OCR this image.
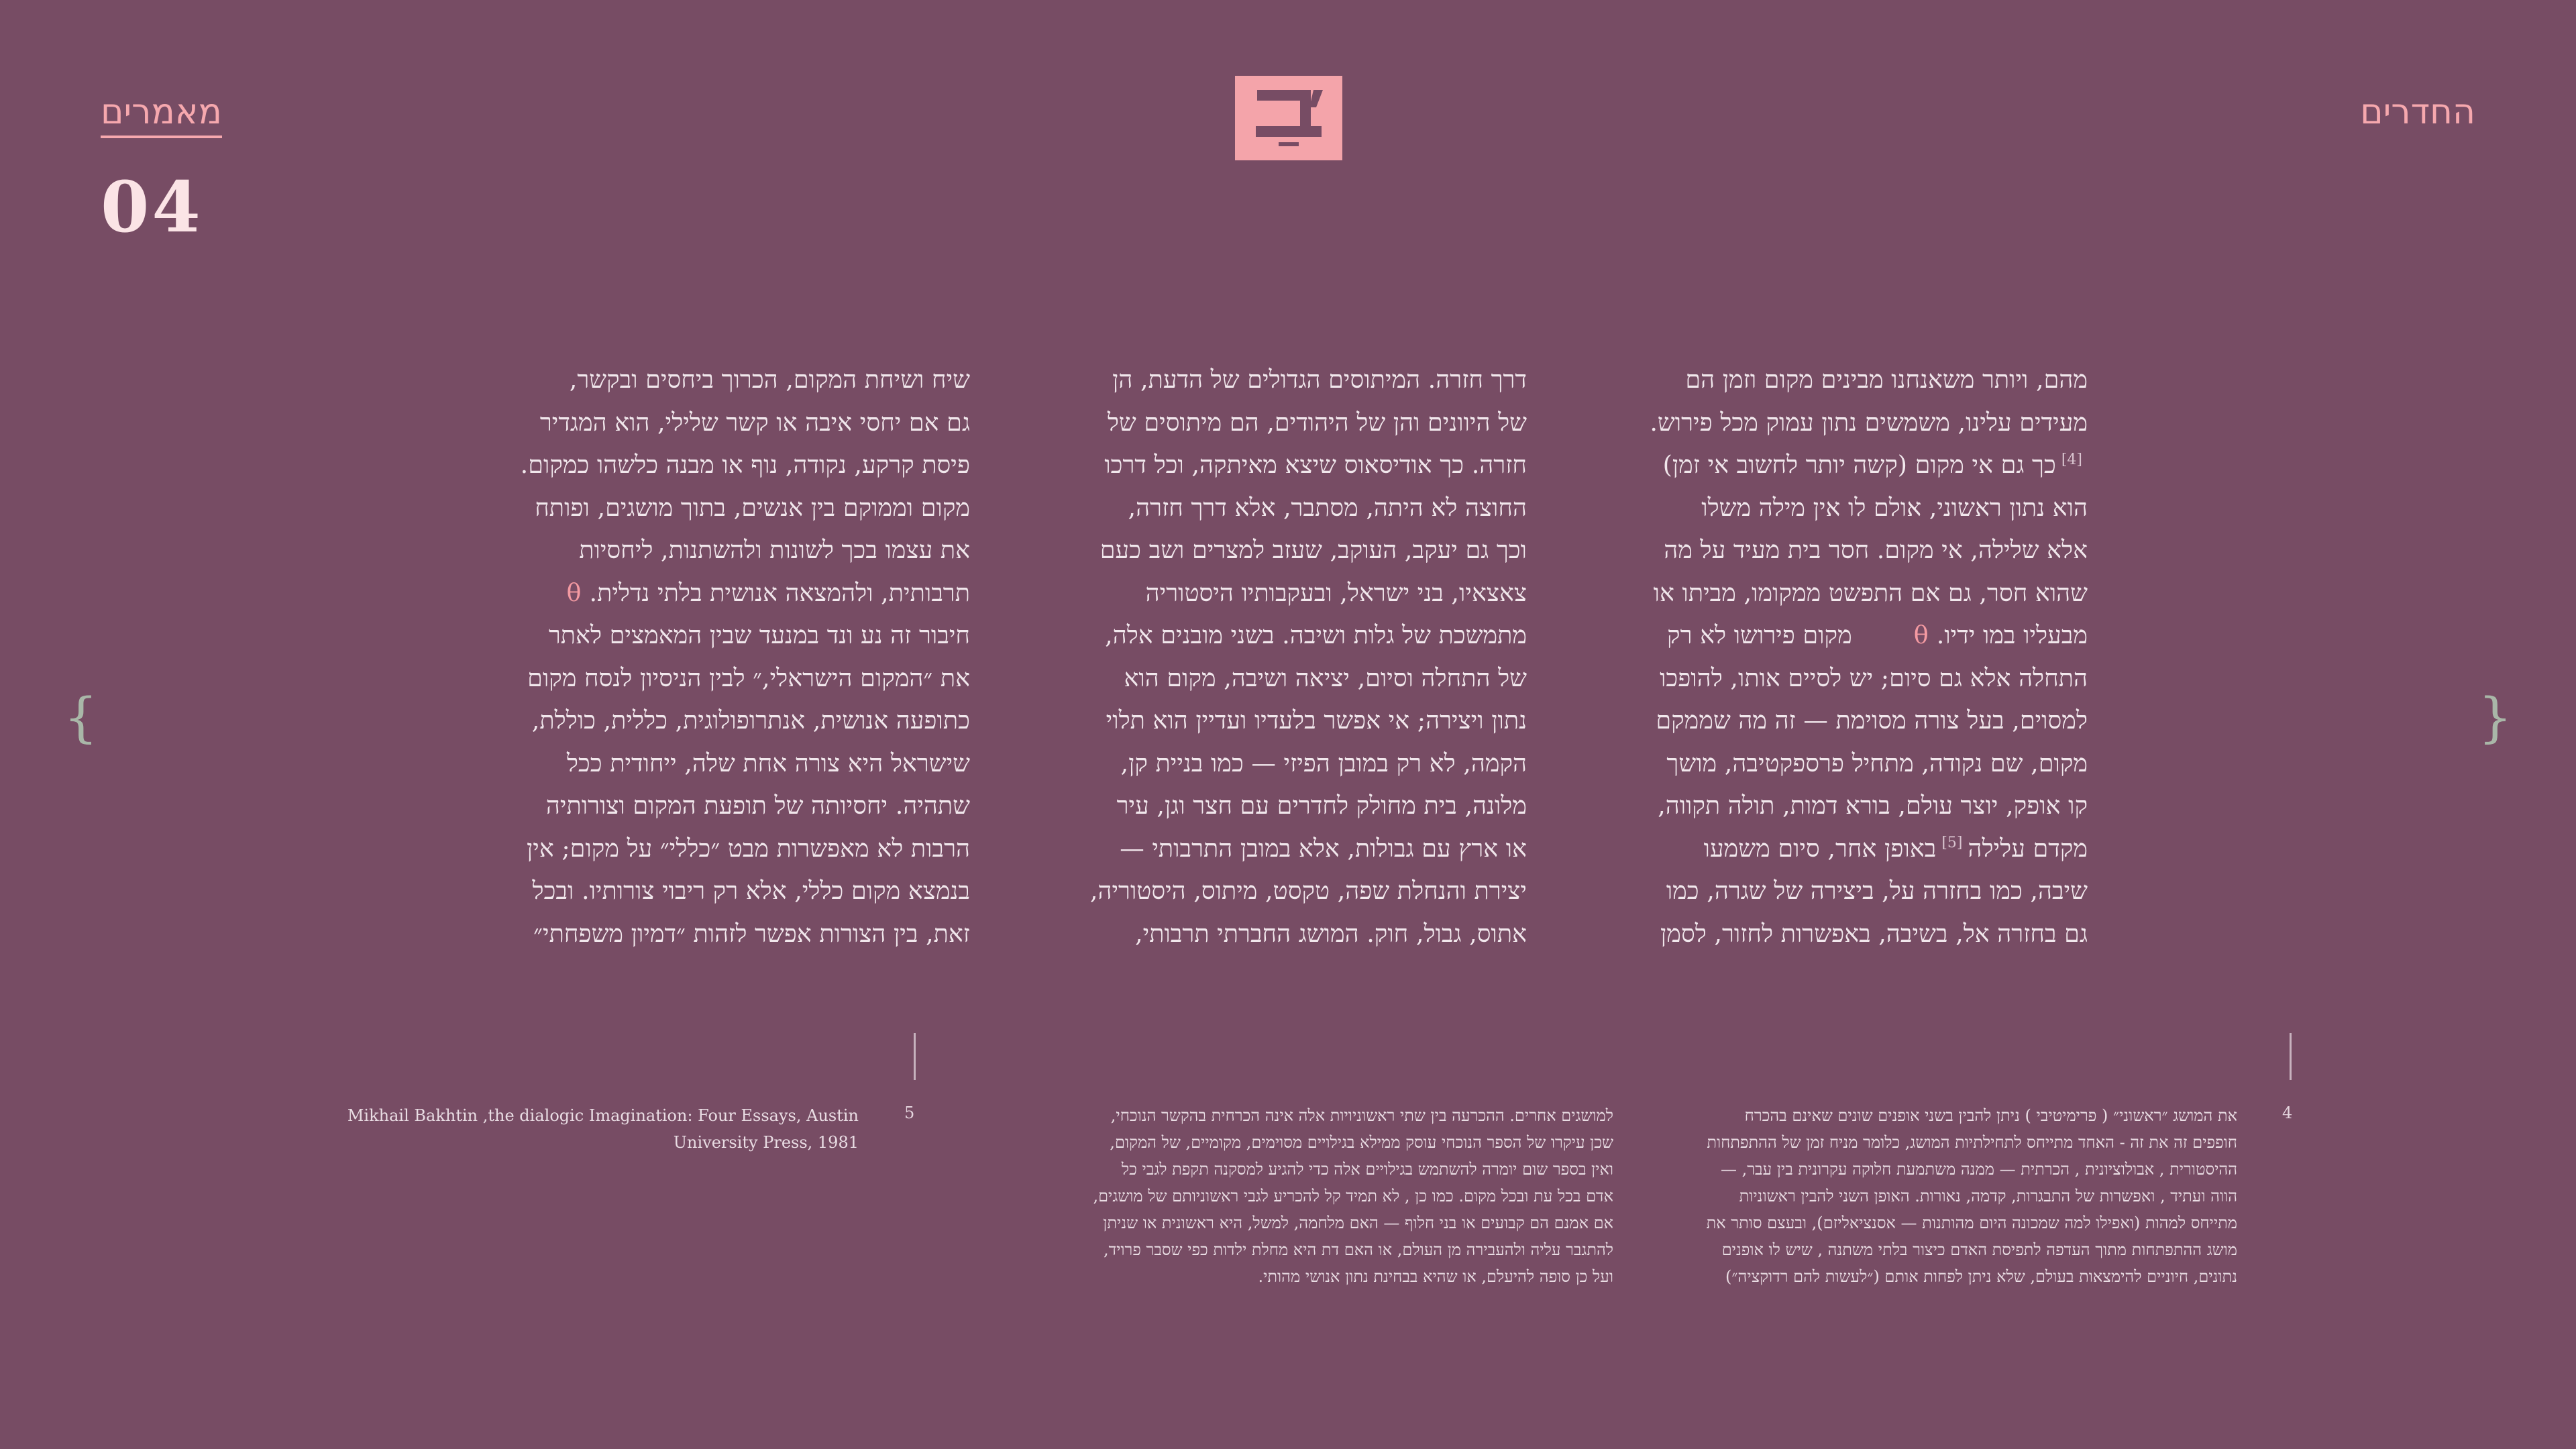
החדרים
מאמרים
04
{	}
מהם, ויותר משאנחנו מבינים מקום וזמן הם
מעידים עלינו, משמשים נתון עמוק מכל פירוש.
[4]כך גם אי מקום (קשה יותר לחשוב אי זמן)
הוא נתון ראשוני, אולם לו אין מילה משלו
אלא שלילה, אי מקום. חסר בית מעיד על מה
שהוא חסר, גם אם התפשט ממקומו, מביתו או
מבעליו במו ידיו.θמקום פירושו לא רק
התחלה אלא גם סיום; יש לסיים אותו, להופכו
למסוים, בעל צורה מסוימת — זה מה שממקם
מקום, שם נקודה, מתחיל פרספקטיבה, מושך
קו אופק, יוצר עולם, בורא דמות, תולה תקווה,
מקדם עלילה[5]באופן אחר, סיום משמעו
שיבה, כמו בחזרה על, ביצירה של שגרה, כמו
גם בחזרה אל, בשיבה, באפשרות לחזור, לסמן
דרך חזרה. המיתוסים הגדולים של הדעת, הן
של היוונים והן של היהודים, הם מיתוסים של
חזרה. כך אודיסאוס שיצא מאיתקה, וכל דרכו
החוצה לא היתה, מסתבר, אלא דרך חזרה,
וכך גם יעקב, העוקב, שעזב למצרים ושב כעם
צאצאיו, בני ישראל, ובעקבותיו היסטוריה
מתמשכת של גלות ושיבה. בשני מובנים אלה,
של התחלה וסיום, יציאה ושיבה, מקום הוא
נתון ויצירה; אי אפשר בלעדיו ועדיין הוא תלוי
הקמה, לא רק במובן הפיזי — כמו בניית קן,
מלונה, בית מחולק לחדרים עם חצר וגן, עיר
או ארץ עם גבולות, אלא במובן התרבותי —
יצירת והנחלת שפה, טקסט, מיתוס, היסטוריה,
אתוס, גבול, חוק. המושג החברתי תרבותי,
שיח ושיחת המקום, הכרוך ביחסים ובקשר,
גם אם יחסי איבה או קשר שלילי, הוא המגדיר
פיסת קרקע, נקודה, נוף או מבנה כלשהו כמקום.
מקום וממוקם בין אנשים, בתוך מושגים, ופותח
את עצמו בכך לשונות ולהשתנות, ליחסיות
תרבותית, ולהמצאה אנושית בלתי נדלית.θ
חיבור זה נע ונד במנעד שבין המאמצים לאתר
את ״המקום הישראלי,״ לבין הניסיון לנסח מקום
כתופעה אנושית, אנתרופולוגית, כללית, כוללת,
שישראל היא צורה אחת שלה, ייחודית ככל
שתהיה. יחסיותה של תופעת המקום וצורותיה
הרבות לא מאפשרות מבט ״כללי״ על מקום; אין
בנמצא מקום כללי, אלא רק ריבוי צורותיו. ובכל
זאת, בין הצורות אפשר לזהות ״דמיון משפחתי״
4
את המושג ״ראשוני״ ( פרימיטיבי ) ניתן להבין בשני אופנים שונים שאינם בהכרח
חופפים זה את זה - האחד מתייחס לתחילתיות המושג, כלומר מניח זמן של ההתפתחות
ההיסטורית , אבולוציונית , הכרתית — ממנה משתמעת חלוקה עקרונית בין עבר, —
הווה ועתיד , ואפשרות של התבגרות, קדמה, נאורות. האופן השני להבין ראשוניות
מתייחס למהות (ואפילו למה שמכונה היום מהותנות — אסנציאליזם), ובעצם סותר את
מושג ההתפתחות מתוך העדפה לתפיסת האדם כיצור בלתי משתנה , שיש לו אופנים
נתונים, חיוניים להימצאות בעולם, שלא ניתן לפחות אותם (״לעשות להם רדוקציה״)
למושגים אחרים. ההכרעה בין שתי ראשוניויות אלה אינה הכרחית בהקשר הנוכחי,
שכן עיקרו של הספר הנוכחי עוסק ממילא בגילויים מסוימים, מקומיים, של המקום,
ואין בספר שום יומרה להשתמש בגילויים אלה כדי להגיע למסקנה תקפת לגבי כל
אדם בכל עת ובכל מקום. כמו כן , לא תמיד קל להכריע לגבי ראשוניותם של מושגים,
אם אמנם הם קבועים או בני חלוף — האם מלחמה, למשל, היא ראשונית או שניתן
להתגבר עליה ולהעבירה מן העולם, או האם דת היא מחלת ילדות כפי שסבר פרויד,
ועל כן סופה להיעלם, או שהיא בבחינת נתון אנושי מהותי.
5
Mikhail Bakhtin ,the dialogic Imagination: Four Essays, Austin
University Press, 1981
